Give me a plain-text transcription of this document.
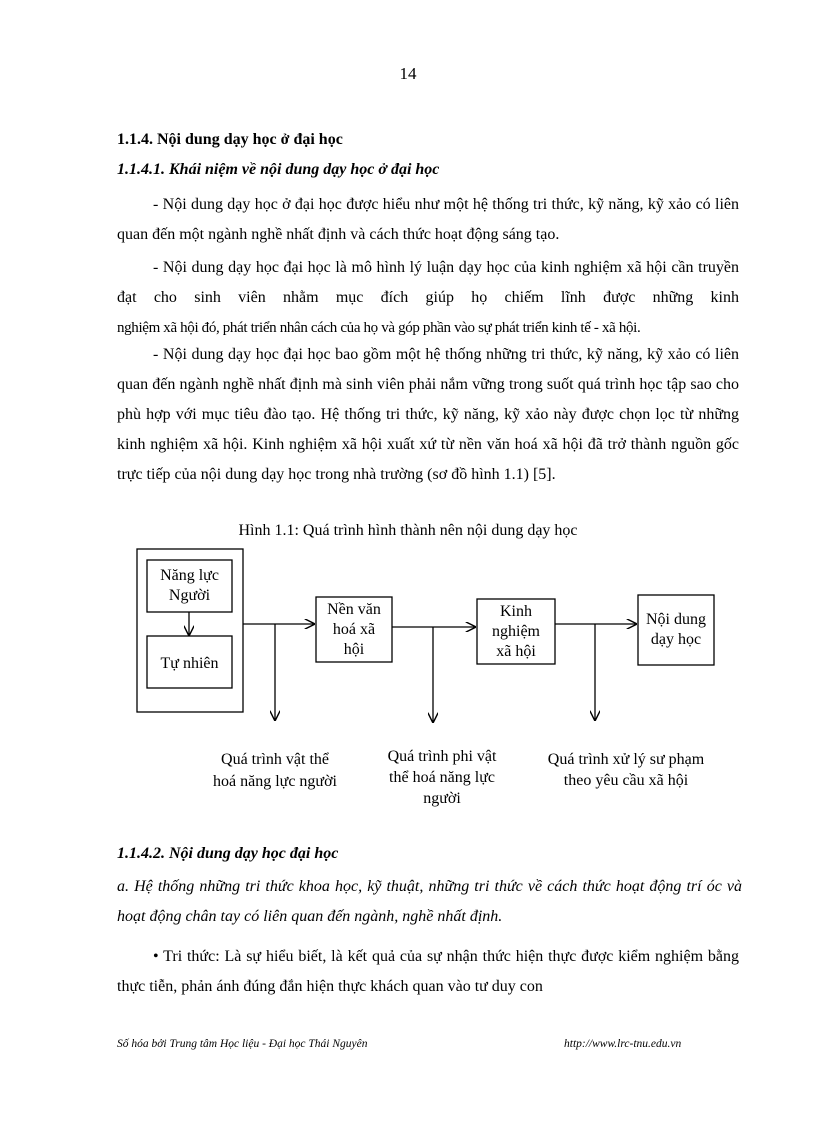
14
1.1.4. Nội dung dạy học ở đại học
1.1.4.1. Khái niệm về nội dung dạy học ở đại học

- Nội dung dạy học ở đại học được hiểu như một hệ thống tri thức, kỹ năng, kỹ xảo có liên quan đến một ngành nghề nhất định và cách thức hoạt động sáng tạo.

- Nội dung dạy học đại học là mô hình lý luận dạy học của kinh nghiệm xã hội cần truyền đạt cho sinh viên nhằm mục đích giúp họ chiếm lĩnh được những kinh

nghiệm xã hội đó, phát triển nhân cách của họ và góp phần vào sự phát triển kinh tế - xã hội.

- Nội dung dạy học đại học bao gồm một hệ thống những tri thức, kỹ năng, kỹ xảo có liên quan đến ngành nghề nhất định mà sinh viên phải nắm vững trong suốt quá trình học tập sao cho phù hợp với mục tiêu đào tạo. Hệ thống tri thức, kỹ năng, kỹ xảo này được chọn lọc từ những kinh nghiệm xã hội. Kinh nghiệm xã hội xuất xứ từ nền văn hoá xã hội đã trở thành nguồn gốc trực tiếp của nội dung dạy học trong nhà trường (sơ đồ hình 1.1) [5].

Hình 1.1: Quá trình hình thành nên nội dung dạy học
Năng lực
Người
Tự nhiên
Nền văn
hoá xã
hội
Kinh
nghiệm
xã hội
Nội dung
dạy học
Quá trình vật thể
hoá năng lực người
Quá trình phi vật
thể hoá năng lực
người
Quá trình xử lý sư phạm
theo yêu cầu xã hội
1.1.4.2. Nội dung dạy học đại học

a. Hệ thống những tri thức khoa học, kỹ thuật, những tri thức về cách thức hoạt động trí óc và hoạt động chân tay có liên quan đến ngành, nghề nhất định.

• Tri thức: Là sự hiểu biết, là kết quả của sự nhận thức hiện thực được kiểm nghiệm bằng thực tiễn, phản ánh đúng đắn hiện thực khách quan vào tư duy con

Số hóa bởi Trung tâm Học liệu - Đại học Thái Nguyên	http://www.lrc-tnu.edu.vn
